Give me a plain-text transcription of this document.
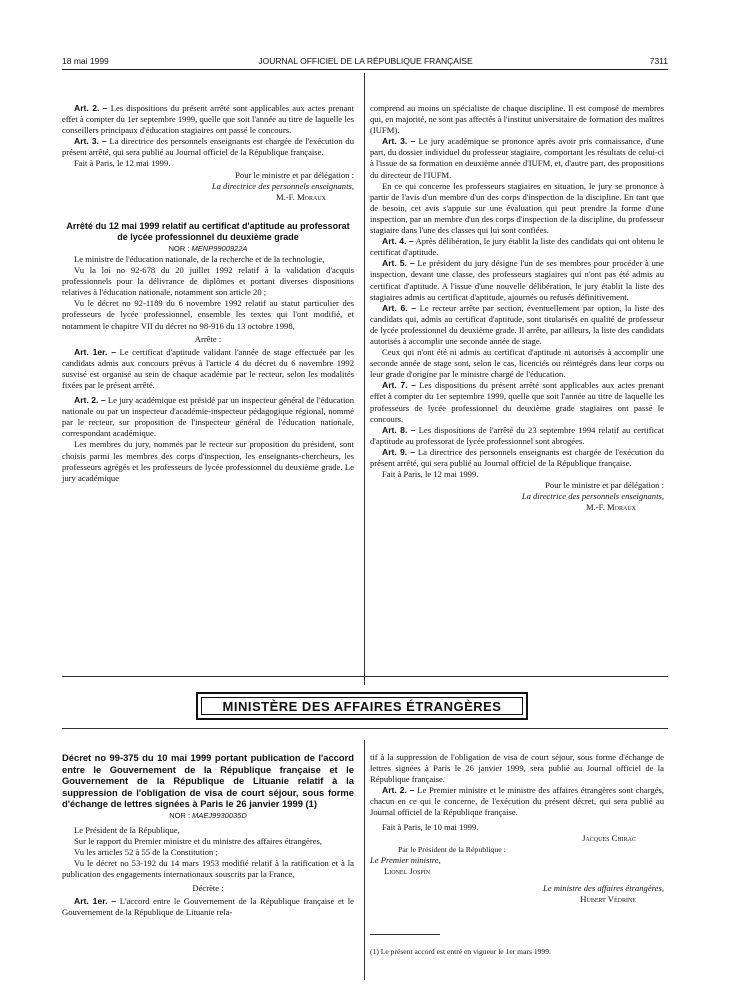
18 mai 1999	JOURNAL OFFICIEL DE LA RÉPUBLIQUE FRANÇAISE	7311

Art. 2. – Les dispositions du présent arrêté sont applicables aux actes prenant effet à compter du 1er septembre 1999, quelle que soit l'année au titre de laquelle les conseillers principaux d'éducation stagiaires ont passé le concours.

Art. 3. – La directrice des personnels enseignants est chargée de l'exécution du présent arrêté, qui sera publié au Journal officiel de la République française.

Fait à Paris, le 12 mai 1999.

Pour le ministre et par délégation :

La directrice des personnels enseignants,

M.-F. Moraux

Arrêté du 12 mai 1999 relatif au certificat d'aptitude au professorat de lycée professionnel du deuxième grade

NOR : MENP9900922A

Le ministre de l'éducation nationale, de la recherche et de la technologie,

Vu la loi no 92-678 du 20 juillet 1992 relatif à la validation d'acquis professionnels pour la délivrance de diplômes et portant diverses dispositions relatives à l'éducation nationale, notamment son article 20 ;

Vu le décret no 92-1189 du 6 novembre 1992 relatif au statut particulier des professeurs de lycée professionnel, ensemble les textes qui l'ont modifié, et notamment le chapitre VII du décret no 98-916 du 13 octobre 1998,

Arrête :

Art. 1er. – Le certificat d'aptitude validant l'année de stage effectuée par les candidats admis aux concours prévus à l'article 4 du décret du 6 novembre 1992 susvisé est organisé au sein de chaque académie par le recteur, selon les modalités fixées par le présent arrêté.

Art. 2. – Le jury académique est présidé par un inspecteur général de l'éducation nationale ou par un inspecteur d'académie-inspecteur pédagogique régional, nommé par le recteur, sur proposition de l'inspecteur général de l'éducation nationale, correspondant académique.

Les membres du jury, nommés par le recteur sur proposition du président, sont choisis parmi les membres des corps d'inspection, les enseignants-chercheurs, les professeurs agrégés et les professeurs de lycée professionnel du deuxième grade. Le jury académique

comprend au moins un spécialiste de chaque discipline. Il est composé de membres qui, en majorité, ne sont pas affectés à l'institut universitaire de formation des maîtres (IUFM).

Art. 3. – Le jury académique se prononce après avoir pris connaissance, d'une part, du dossier individuel du professeur stagiaire, comportant les résultats de celui-ci à l'issue de sa formation en deuxième année d'IUFM, et, d'autre part, des propositions du directeur de l'IUFM.

En ce qui concerne les professeurs stagiaires en situation, le jury se prononce à partir de l'avis d'un membre d'un des corps d'inspection de la discipline. En tant que de besoin, cet avis s'appuie sur une évaluation qui peut prendre la forme d'une inspection, par un membre d'un des corps d'inspection de la discipline, du professeur stagiaire dans l'une des classes qui lui sont confiées.

Art. 4. – Après délibération, le jury établit la liste des candidats qui ont obtenu le certificat d'aptitude.

Art. 5. – Le président du jury désigne l'un de ses membres pour procéder à une inspection, devant une classe, des professeurs stagiaires qui n'ont pas été admis au certificat d'aptitude. A l'issue d'une nouvelle délibération, le jury établit la liste des stagiaires admis au certificat d'aptitude, ajournés ou refusés définitivement.

Art. 6. – Le recteur arrête par section, éventuellement par option, la liste des candidats qui, admis au certificat d'aptitude, sont titularisés en qualité de professeur de lycée professionnel du deuxième grade. Il arrête, par ailleurs, la liste des candidats autorisés à accomplir une seconde année de stage.

Ceux qui n'ont été ni admis au certificat d'aptitude ni autorisés à accomplir une seconde année de stage sont, selon le cas, licenciés ou réintégrés dans leur corps ou leur grade d'origine par le ministre chargé de l'éducation.

Art. 7. – Les dispositions du présent arrêté sont applicables aux actes prenant effet à compter du 1er septembre 1999, quelle que soit l'année au titre de laquelle les professeurs de lycée professionnel du deuxième grade stagiaires ont passé le concours.

Art. 8. – Les dispositions de l'arrêté du 23 septembre 1994 relatif au certificat d'aptitude au professorat de lycée professionnel sont abrogées.

Art. 9. – La directrice des personnels enseignants est chargée de l'exécution du présent arrêté, qui sera publié au Journal officiel de la République française.

Fait à Paris, le 12 mai 1999.

Pour le ministre et par délégation :

La directrice des personnels enseignants,

M.-F. Moraux

MINISTÈRE DES AFFAIRES ÉTRANGÈRES

Décret no 99-375 du 10 mai 1999 portant publication de l'accord entre le Gouvernement de la République française et le Gouvernement de la République de Lituanie relatif à la suppression de l'obligation de visa de court séjour, sous forme d'échange de lettres signées à Paris le 26 janvier 1999 (1)

NOR : MAEJ9930035D

Le Président de la République,

Sur le rapport du Premier ministre et du ministre des affaires étrangères,

Vu les articles 52 à 55 de la Constitution ;

Vu le décret no 53-192 du 14 mars 1953 modifié relatif à la ratification et à la publication des engagements internationaux souscrits par la France,

Décrète :

Art. 1er. – L'accord entre le Gouvernement de la République française et le Gouvernement de la République de Lituanie rela-

tif à la suppression de l'obligation de visa de court séjour, sous forme d'échange de lettres signées à Paris le 26 janvier 1999, sera publié au Journal officiel de la République française.

Art. 2. – Le Premier ministre et le ministre des affaires étrangères sont chargés, chacun en ce qui le concerne, de l'exécution du présent décret, qui sera publié au Journal officiel de la République française.

Fait à Paris, le 10 mai 1999.

Jacques Chirac

Par le Président de la République :

Le Premier ministre,

Lionel Jospin

Le ministre des affaires étrangères,

Hubert Védrine

(1) Le présent accord est entré en vigueur le 1er mars 1999.
